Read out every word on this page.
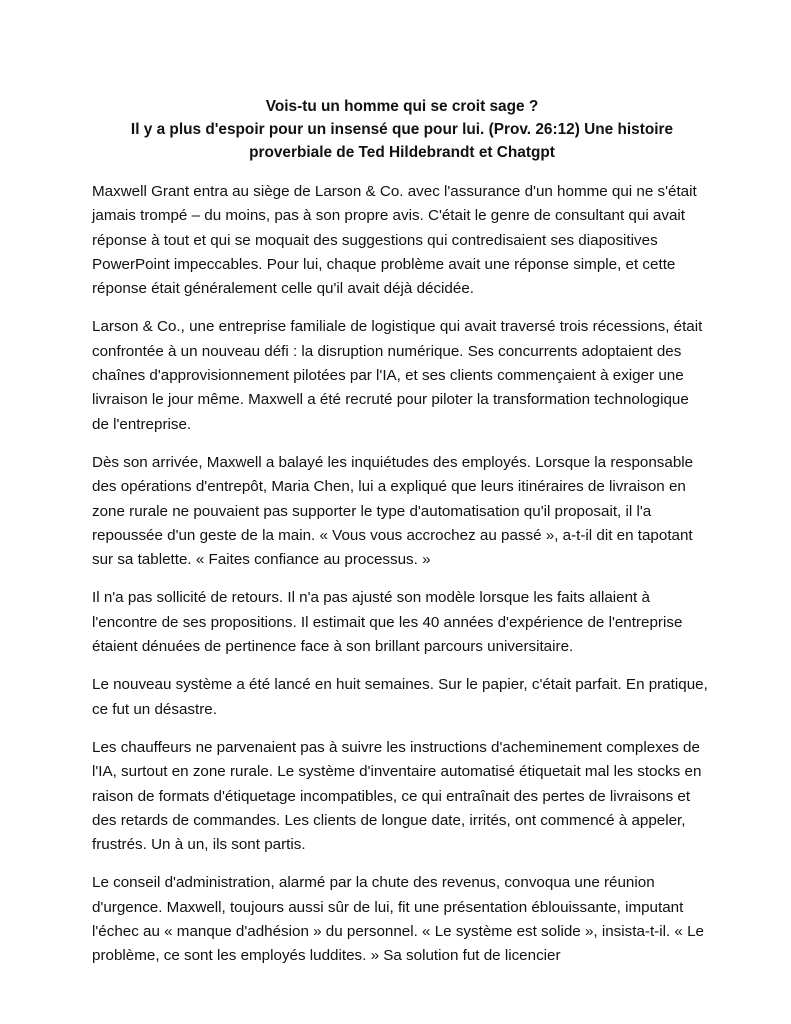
Vois-tu un homme qui se croit sage ?
Il y a plus d'espoir pour un insensé que pour lui. (Prov. 26:12) Une histoire proverbiale de Ted Hildebrandt et Chatgpt

Maxwell Grant entra au siège de Larson & Co. avec l'assurance d'un homme qui ne s'était jamais trompé – du moins, pas à son propre avis. C'était le genre de consultant qui avait réponse à tout et qui se moquait des suggestions qui contredisaient ses diapositives PowerPoint impeccables. Pour lui, chaque problème avait une réponse simple, et cette réponse était généralement celle qu'il avait déjà décidée.

Larson & Co., une entreprise familiale de logistique qui avait traversé trois récessions, était confrontée à un nouveau défi : la disruption numérique. Ses concurrents adoptaient des chaînes d'approvisionnement pilotées par l'IA, et ses clients commençaient à exiger une livraison le jour même. Maxwell a été recruté pour piloter la transformation technologique de l'entreprise.

Dès son arrivée, Maxwell a balayé les inquiétudes des employés. Lorsque la responsable des opérations d'entrepôt, Maria Chen, lui a expliqué que leurs itinéraires de livraison en zone rurale ne pouvaient pas supporter le type d'automatisation qu'il proposait, il l'a repoussée d'un geste de la main. « Vous vous accrochez au passé », a-t-il dit en tapotant sur sa tablette. « Faites confiance au processus. »

Il n'a pas sollicité de retours. Il n'a pas ajusté son modèle lorsque les faits allaient à l'encontre de ses propositions. Il estimait que les 40 années d'expérience de l'entreprise étaient dénuées de pertinence face à son brillant parcours universitaire.

Le nouveau système a été lancé en huit semaines. Sur le papier, c'était parfait. En pratique, ce fut un désastre.

Les chauffeurs ne parvenaient pas à suivre les instructions d'acheminement complexes de l'IA, surtout en zone rurale. Le système d'inventaire automatisé étiquetait mal les stocks en raison de formats d'étiquetage incompatibles, ce qui entraînait des pertes de livraisons et des retards de commandes. Les clients de longue date, irrités, ont commencé à appeler, frustrés. Un à un, ils sont partis.

Le conseil d'administration, alarmé par la chute des revenus, convoqua une réunion d'urgence. Maxwell, toujours aussi sûr de lui, fit une présentation éblouissante, imputant l'échec au « manque d'adhésion » du personnel. « Le système est solide », insista-t-il. « Le problème, ce sont les employés luddites. » Sa solution fut de licencier
